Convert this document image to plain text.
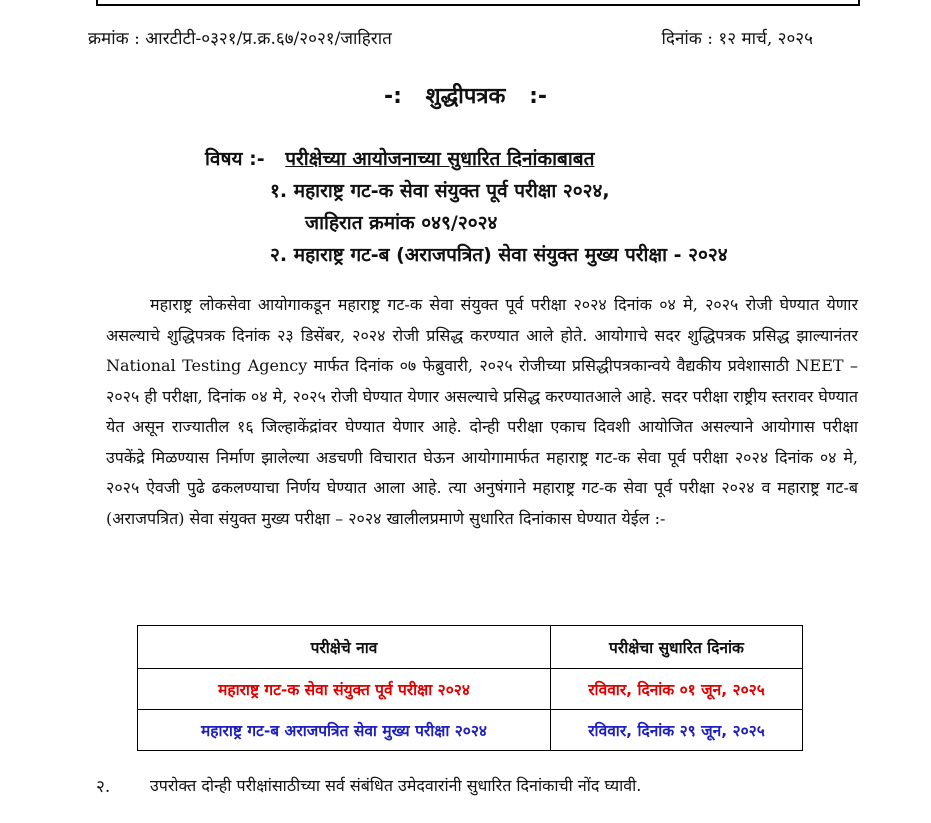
क्रमांक : आरटीटी-०३२१/प्र.क्र.६७/२०२१/जाहिरात	दिनांक : १२ मार्च, २०२५
-: शुद्धीपत्रक :-
विषय :- परीक्षेच्या आयोजनाच्या सुधारित दिनांकाबाबत
१. महाराष्ट्र गट-क सेवा संयुक्त पूर्व परीक्षा २०२४,
जाहिरात क्रमांक ०४९/२०२४
२. महाराष्ट्र गट-ब (अराजपत्रित) सेवा संयुक्त मुख्य परीक्षा - २०२४

महाराष्ट्र लोकसेवा आयोगाकडून महाराष्ट्र गट-क सेवा संयुक्त पूर्व परीक्षा २०२४ दिनांक ०४ मे, २०२५ रोजी घेण्यात येणार असल्याचे शुद्धिपत्रक दिनांक २३ डिसेंबर, २०२४ रोजी प्रसिद्ध करण्यात आले होते. आयोगाचे सदर शुद्धिपत्रक प्रसिद्ध झाल्यानंतर National Testing Agency मार्फत दिनांक ०७ फेब्रुवारी, २०२५ रोजीच्या प्रसिद्धीपत्रकान्वये वैद्यकीय प्रवेशासाठी NEET – २०२५ ही परीक्षा, दिनांक ०४ मे, २०२५ रोजी घेण्यात येणार असल्याचे प्रसिद्ध करण्यातआले आहे. सदर परीक्षा राष्ट्रीय स्तरावर घेण्यात येत असून राज्यातील १६ जिल्हाकेंद्रांवर घेण्यात येणार आहे. दोन्ही परीक्षा एकाच दिवशी आयोजित असल्याने आयोगास परीक्षा उपकेंद्रे मिळण्यास निर्माण झालेल्या अडचणी विचारात घेऊन आयोगामार्फत महाराष्ट्र गट-क सेवा पूर्व परीक्षा २०२४ दिनांक ०४ मे, २०२५ ऐवजी पुढे ढकलण्याचा निर्णय घेण्यात आला आहे. त्या अनुषंगाने महाराष्ट्र गट-क सेवा पूर्व परीक्षा २०२४ व महाराष्ट्र गट-ब (अराजपत्रित) सेवा संयुक्त मुख्य परीक्षा – २०२४ खालीलप्रमाणे सुधारित दिनांकास घेण्यात येईल :-

परीक्षेचे नाव	परीक्षेचा सुधारित दिनांक
महाराष्ट्र गट-क सेवा संयुक्त पूर्व परीक्षा २०२४	रविवार, दिनांक ०१ जून, २०२५
महाराष्ट्र गट-ब अराजपत्रित सेवा मुख्य परीक्षा २०२४	रविवार, दिनांक २९ जून, २०२५
२. उपरोक्त दोन्ही परीक्षांसाठीच्या सर्व संबंधित उमेदवारांनी सुधारित दिनांकाची नोंद घ्यावी.
